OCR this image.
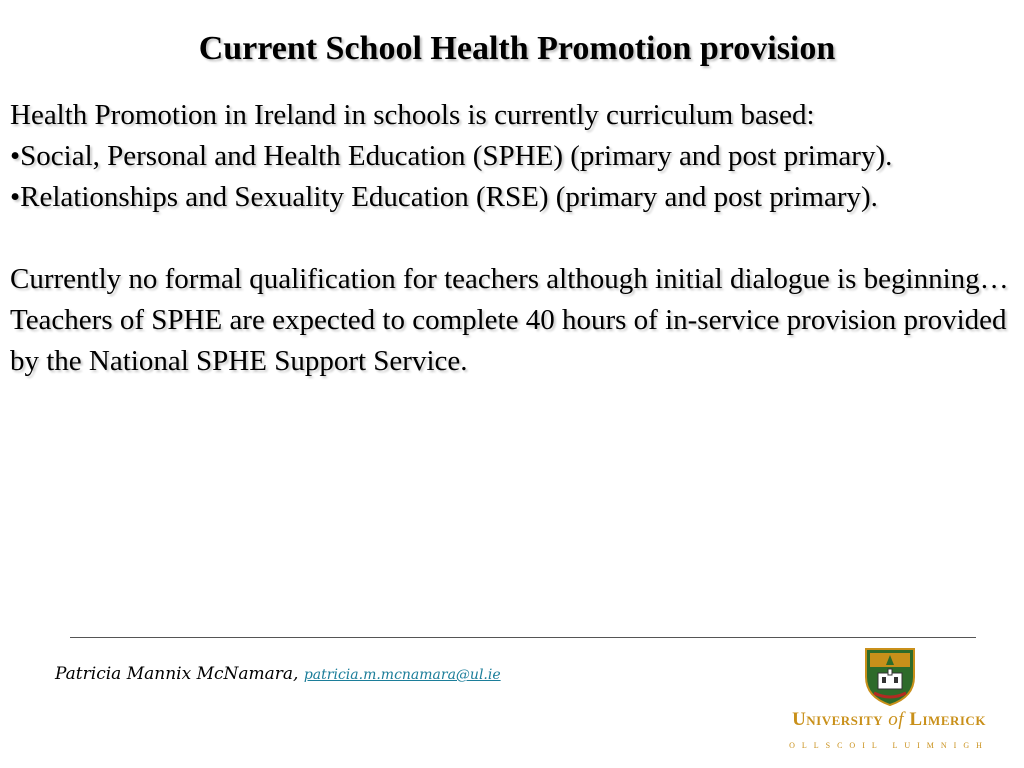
Current School Health Promotion provision

Health Promotion in Ireland in schools is currently curriculum based:

•Social, Personal and Health Education (SPHE) (primary and post primary).

•Relationships and Sexuality Education (RSE) (primary and post primary).

Currently no formal qualification for teachers although initial dialogue is beginning… Teachers of SPHE are expected to complete 40 hours of in-service provision provided by the National SPHE Support Service.

Patricia Mannix McNamara, patricia.m.mcnamara@ul.ie
University of Limerick
OLLSCOIL LUIMNIGH
